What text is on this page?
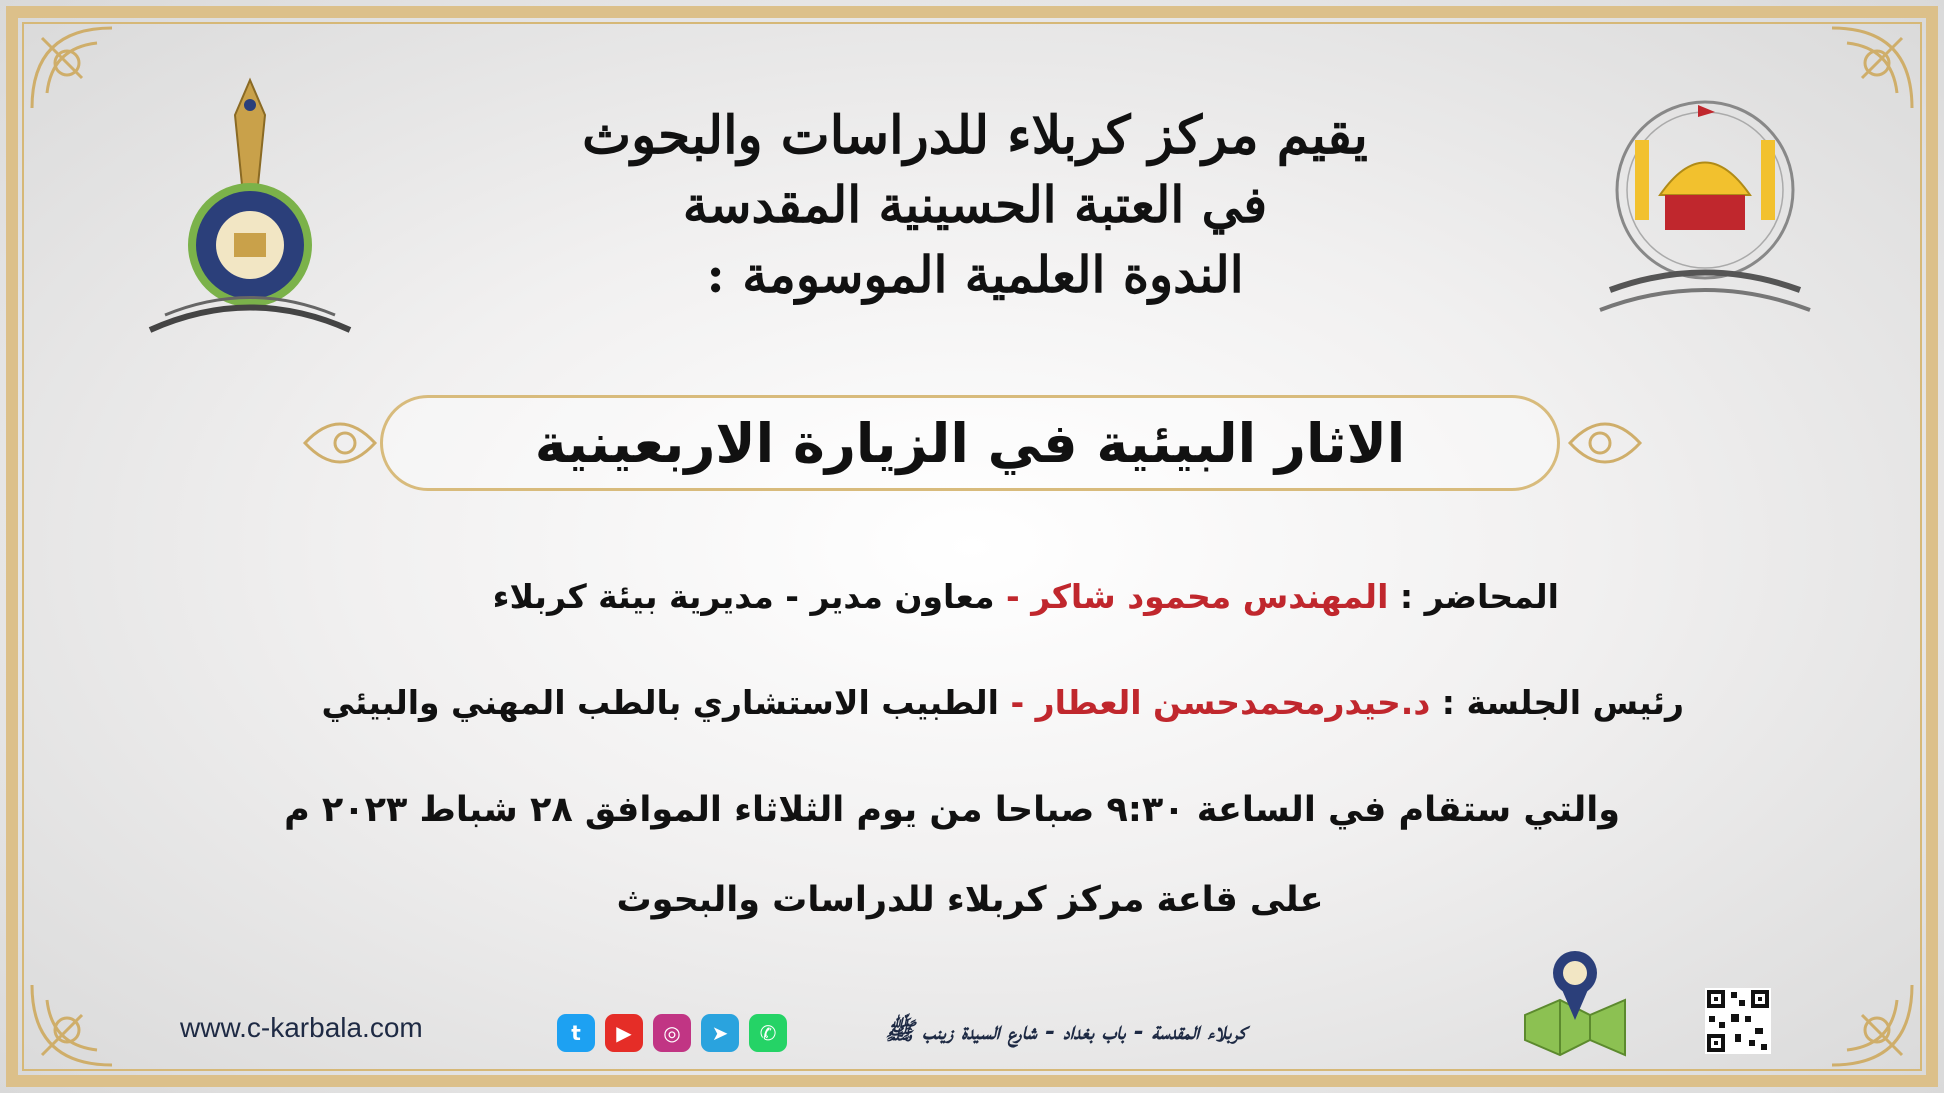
يقيم مركز كربلاء للدراسات والبحوث
في العتبة الحسينية المقدسة
الندوة العلمية الموسومة :
الاثار البيئية في الزيارة الاربعينية
المحاضر : المهندس محمود شاكر - معاون مدير - مديرية بيئة كربلاء
رئيس الجلسة : د.حيدرمحمدحسن العطار - الطبيب الاستشاري بالطب المهني والبيئي
والتي ستقام في الساعة ٩:٣٠ صباحا من يوم الثلاثاء الموافق ٢٨ شباط ٢٠٢٣ م
على قاعة مركز كربلاء للدراسات والبحوث
www.c-karbala.com	t	▶	◎	➤	✆	كربلاء المقدسة - باب بغداد - شارع السيدة زينب ﷺ
